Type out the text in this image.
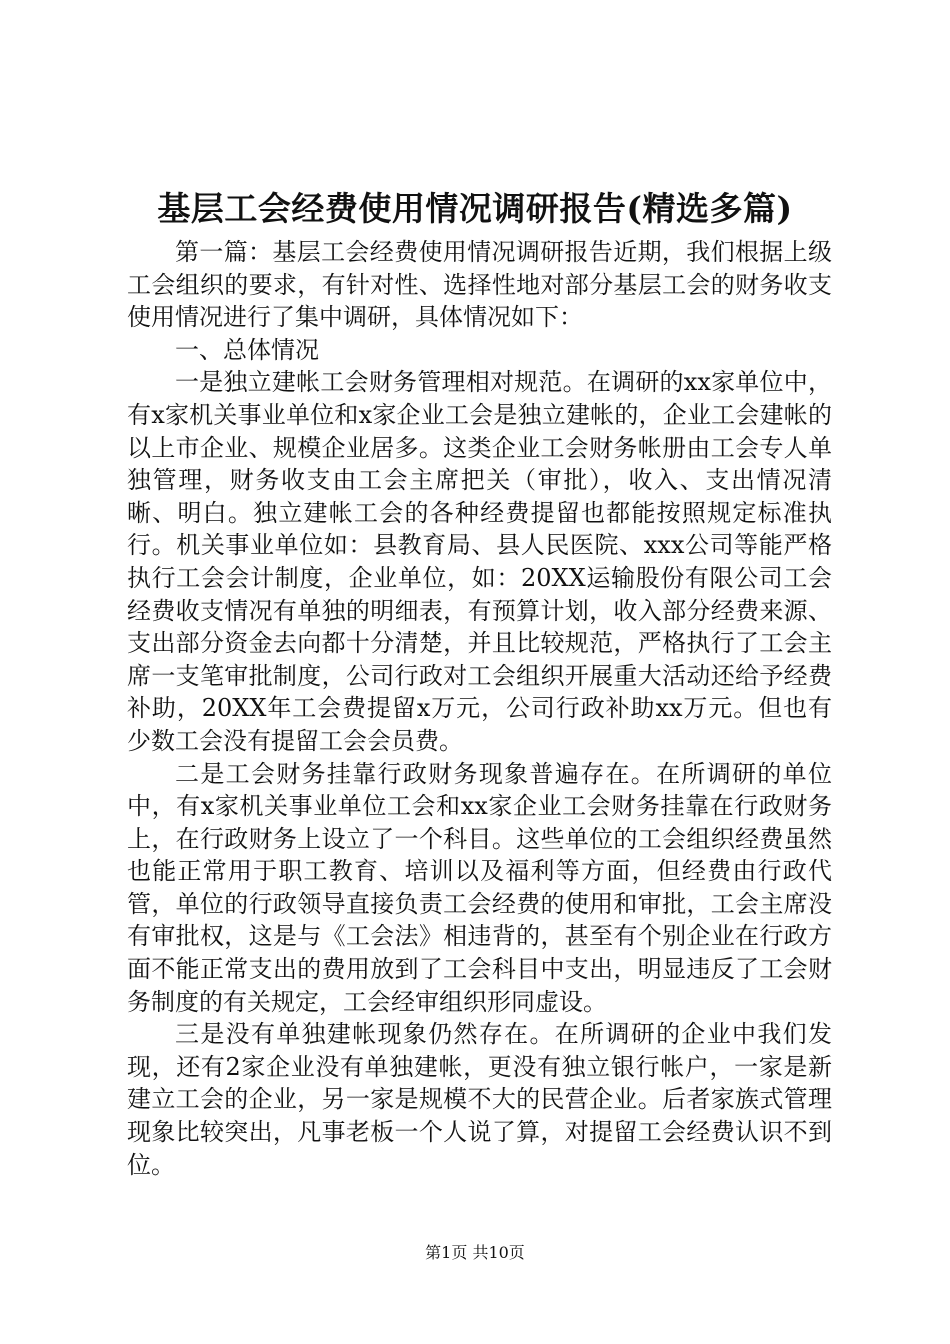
基层工会经费使用情况调研报告(精选多篇)

第一篇：基层工会经费使用情况调研报告近期，我们根据上级工会组织的要求，有针对性、选择性地对部分基层工会的财务收支使用情况进行了集中调研，具体情况如下：

一、总体情况

一是独立建帐工会财务管理相对规范。在调研的xx家单位中，有x家机关事业单位和x家企业工会是独立建帐的，企业工会建帐的以上市企业、规模企业居多。这类企业工会财务帐册由工会专人单独管理，财务收支由工会主席把关（审批），收入、支出情况清晰、明白。独立建帐工会的各种经费提留也都能按照规定标准执行。机关事业单位如：县教育局、县人民医院、xxx公司等能严格执行工会会计制度，企业单位，如：20XX运输股份有限公司工会经费收支情况有单独的明细表，有预算计划，收入部分经费来源、支出部分资金去向都十分清楚，并且比较规范，严格执行了工会主席一支笔审批制度，公司行政对工会组织开展重大活动还给予经费补助，20XX年工会费提留x万元，公司行政补助xx万元。但也有少数工会没有提留工会会员费。

二是工会财务挂靠行政财务现象普遍存在。在所调研的单位中，有x家机关事业单位工会和xx家企业工会财务挂靠在行政财务上，在行政财务上设立了一个科目。这些单位的工会组织经费虽然也能正常用于职工教育、培训以及福利等方面，但经费由行政代管，单位的行政领导直接负责工会经费的使用和审批，工会主席没有审批权，这是与《工会法》相违背的，甚至有个别企业在行政方面不能正常支出的费用放到了工会科目中支出，明显违反了工会财务制度的有关规定，工会经审组织形同虚设。

三是没有单独建帐现象仍然存在。在所调研的企业中我们发现，还有2家企业没有单独建帐，更没有独立银行帐户，一家是新建立工会的企业，另一家是规模不大的民营企业。后者家族式管理现象比较突出，凡事老板一个人说了算，对提留工会经费认识不到位。

第1页 共10页
